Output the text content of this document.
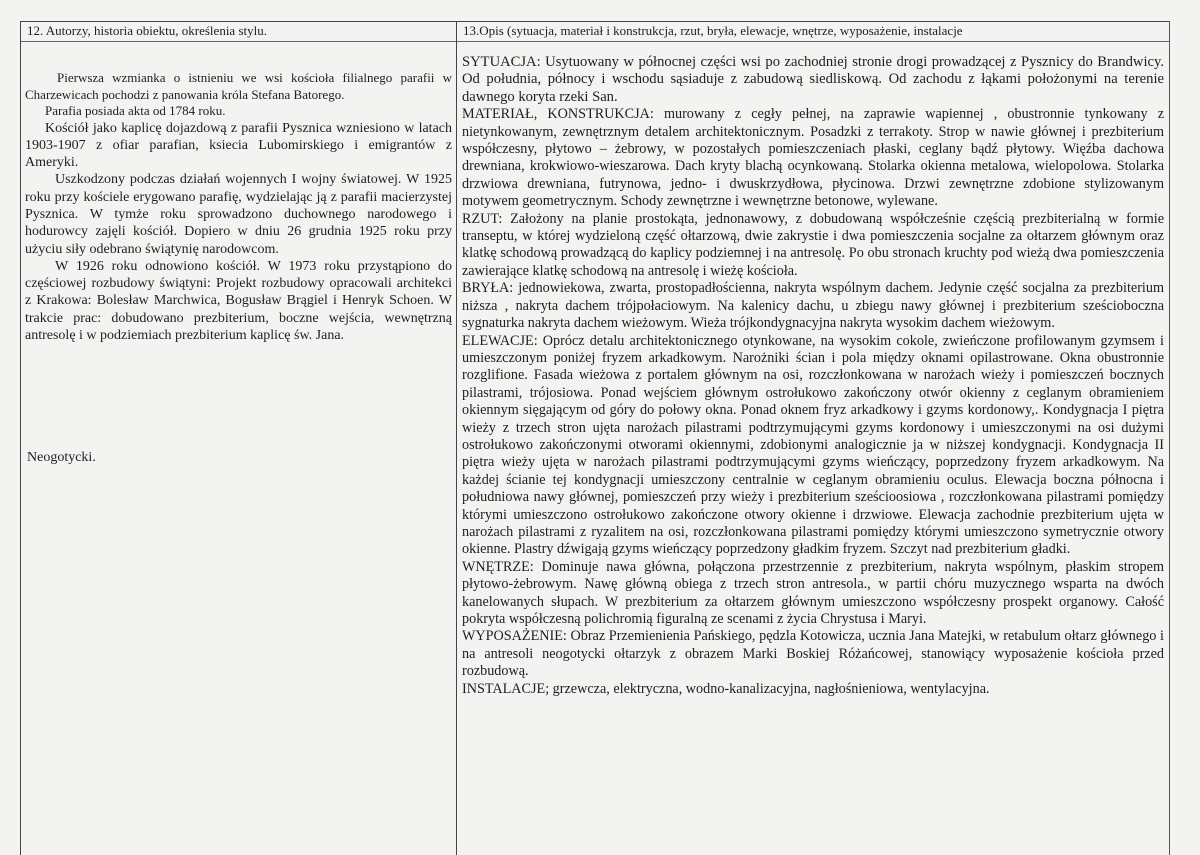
12. Autorzy, historia obiektu, określenia stylu.	13.Opis (sytuacja, materiał i konstrukcja, rzut, bryła, elewacje, wnętrze, wyposażenie, instalacje

Pierwsza wzmianka o istnieniu we wsi kościoła filialnego parafii w Charzewicach pochodzi z panowania króla Stefana Batorego.

Parafia posiada akta od 1784 roku.

Kościół jako kaplicę dojazdową z parafii Pysznica wzniesiono w latach 1903-1907 z ofiar parafian, ksiecia Lubomirskiego i emigrantów z Ameryki.

Uszkodzony podczas działań wojennych I wojny światowej. W 1925 roku przy kościele erygowano parafię, wydzielając ją z parafii macierzystej Pysznica. W tymże roku sprowadzono duchownego narodowego i hodurowcy zajęli kościół. Dopiero w dniu 26 grudnia 1925 roku przy użyciu siły odebrano świątynię narodowcom.

W 1926 roku odnowiono kościół. W 1973 roku przystąpiono do częściowej rozbudowy świątyni: Projekt rozbudowy opracowali architekci z Krakowa: Bolesław Marchwica, Bogusław Brągiel i Henryk Schoen. W trakcie prac: dobudowano prezbiterium, boczne wejścia, wewnętrzną antresolę i w podziemiach prezbiterium kaplicę św. Jana.

Neogotycki.

SYTUACJA: Usytuowany w północnej części wsi po zachodniej stronie drogi prowadzącej z Pysznicy do Brandwicy. Od południa, północy i wschodu sąsiaduje z zabudową siedliskową. Od zachodu z łąkami położonymi na terenie dawnego koryta rzeki San.

MATERIAŁ, KONSTRUKCJA: murowany z cegły pełnej, na zaprawie wapiennej , obustronnie tynkowany z nietynkowanym, zewnętrznym detalem architektonicznym. Posadzki z terrakoty. Strop w nawie głównej i prezbiterium współczesny, płytowo – żebrowy, w pozostałych pomieszczeniach płaski, ceglany bądź płytowy. Więźba dachowa drewniana, krokwiowo-wieszarowa. Dach kryty blachą ocynkowaną. Stolarka okienna metalowa, wielopolowa. Stolarka drzwiowa drewniana, futrynowa, jedno- i dwuskrzydłowa, płycinowa. Drzwi zewnętrzne zdobione stylizowanym motywem geometrycznym. Schody zewnętrzne i wewnętrzne betonowe, wylewane.

RZUT: Założony na planie prostokąta, jednonawowy, z dobudowaną współcześnie częścią prezbiterialną w formie transeptu, w której wydzieloną część ołtarzową, dwie zakrystie i dwa pomieszczenia socjalne za ołtarzem głównym oraz klatkę schodową prowadzącą do kaplicy podziemnej i na antresolę. Po obu stronach kruchty pod wieżą dwa pomieszczenia zawierające klatkę schodową na antresolę i wieżę kościoła.

BRYŁA: jednowiekowa, zwarta, prostopadłościenna, nakryta wspólnym dachem. Jedynie część socjalna za prezbiterium niższa , nakryta dachem trójpołaciowym. Na kalenicy dachu, u zbiegu nawy głównej i prezbiterium sześcioboczna sygnaturka nakryta dachem wieżowym. Wieża trójkondygnacyjna nakryta wysokim dachem wieżowym.

ELEWACJE: Oprócz detalu architektonicznego otynkowane, na wysokim cokole, zwieńczone profilowanym gzymsem i umieszczonym poniżej fryzem arkadkowym. Narożniki ścian i pola między oknami opilastrowane. Okna obustronnie rozglifione. Fasada wieżowa z portalem głównym na osi, rozczłonkowana w narożach wieży i pomieszczeń bocznych pilastrami, trójosiowa. Ponad wejściem głównym ostrołukowo zakończony otwór okienny z ceglanym obramieniem okiennym sięgającym od góry do połowy okna. Ponad oknem fryz arkadkowy i gzyms kordonowy,. Kondygnacja I piętra wieży z trzech stron ujęta narożach pilastrami podtrzymującymi gzyms kordonowy i umieszczonymi na osi dużymi ostrołukowo zakończonymi otworami okiennymi, zdobionymi analogicznie ja w niższej kondygnacji. Kondygnacja II piętra wieży ujęta w narożach pilastrami podtrzymującymi gzyms wieńczący, poprzedzony fryzem arkadkowym. Na każdej ścianie tej kondygnacji umieszczony centralnie w ceglanym obramieniu oculus. Elewacja boczna północna i południowa nawy głównej, pomieszczeń przy wieży i prezbiterium sześcioosiowa , rozczłonkowana pilastrami pomiędzy którymi umieszczono ostrołukowo zakończone otwory okienne i drzwiowe. Elewacja zachodnie prezbiterium ujęta w narożach pilastrami z ryzalitem na osi, rozczłonkowana pilastrami pomiędzy którymi umieszczono symetrycznie otwory okienne. Plastry dźwigają gzyms wieńczący poprzedzony gładkim fryzem. Szczyt nad prezbiterium gładki.

WNĘTRZE: Dominuje nawa główna, połączona przestrzennie z prezbiterium, nakryta wspólnym, płaskim stropem płytowo-żebrowym. Nawę główną obiega z trzech stron antresola., w partii chóru muzycznego wsparta na dwóch kanelowanych słupach. W prezbiterium za ołtarzem głównym umieszczono współczesny prospekt organowy. Całość pokryta współczesną polichromią figuralną ze scenami z życia Chrystusa i Maryi.

WYPOSAŻENIE: Obraz Przemienienia Pańskiego, pędzla Kotowicza, ucznia Jana Matejki, w retabulum ołtarz głównego i na antresoli neogotycki ołtarzyk z obrazem Marki Boskiej Różańcowej, stanowiący wyposażenie kościoła przed rozbudową.

INSTALACJE; grzewcza, elektryczna, wodno-kanalizacyjna, nagłośnieniowa, wentylacyjna.
